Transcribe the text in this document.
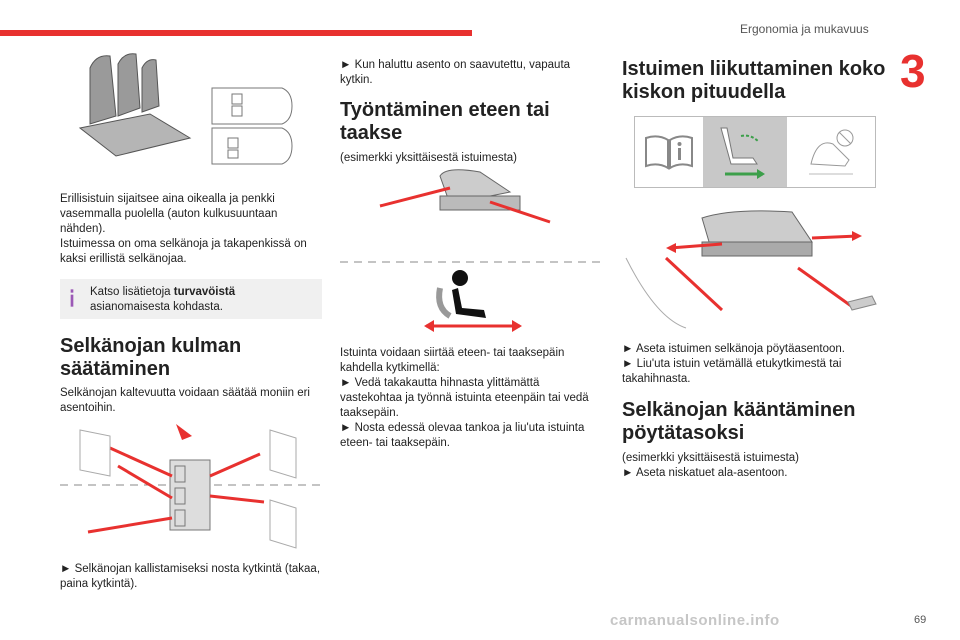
Ergonomia ja mukavuus
3
69

Erillisistuin sijaitsee aina oikealla ja penkki vasemmalla puolella (auton kulkusuuntaan nähden).

Istuimessa on oma selkänoja ja takapenkissä on kaksi erillistä selkänojaa.

Katso lisätietoja turvavöistä asianomaisesta kohdasta.
Selkänojan kulman
säätäminen

Selkänojan kaltevuutta voidaan säätää moniin eri asentoihin.

► Selkänojan kallistamiseksi nosta kytkintä (takaa, paina kytkintä).

► Kun haluttu asento on saavutettu, vapauta kytkin.

Työntäminen eteen tai
taakse

(esimerkki yksittäisestä istuimesta)

Istuinta voidaan siirtää eteen- tai taaksepäin kahdella kytkimellä:

► Vedä takakautta hihnasta ylittämättä vastekohtaa ja työnnä istuinta eteenpäin tai vedä taaksepäin.

► Nosta edessä olevaa tankoa ja liu'uta istuinta eteen- tai taaksepäin.

Istuimen liikuttaminen koko
kiskon pituudella

► Aseta istuimen selkänoja pöytäasentoon.

► Liu'uta istuin vetämällä etukytkimestä tai takahihnasta.

Selkänojan kääntäminen
pöytätasoksi

(esimerkki yksittäisestä istuimesta)

► Aseta niskatuet ala-asentoon.

carmanualsonline.info
